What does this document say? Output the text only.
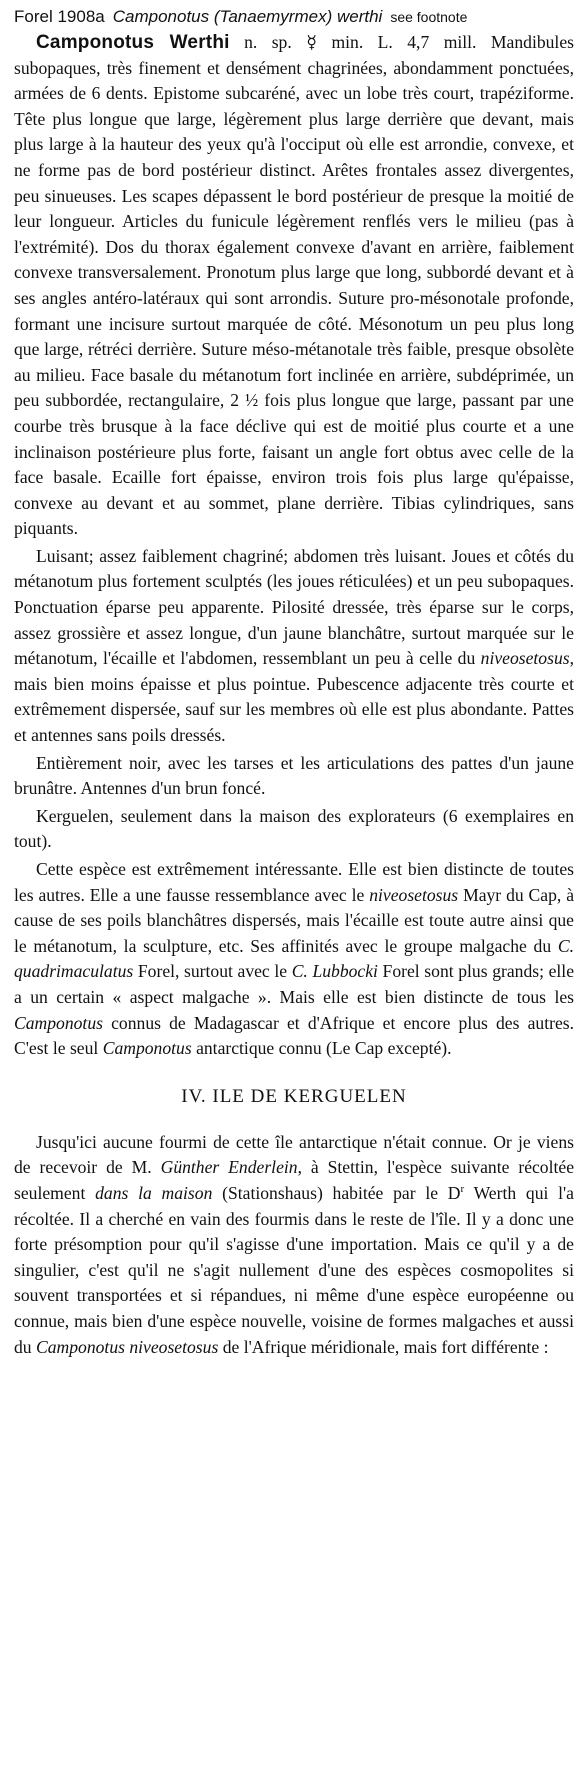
Forel 1908a Camponotus (Tanaemyrmex) werthi see footnote

Camponotus Werthi n. sp. ☿ min. L. 4,7 mill. Mandibules subopaques, très finement et densément chagrinées, abondamment ponctuées, armées de 6 dents. Epistome subcaréné, avec un lobe très court, trapéziforme. Tête plus longue que large, légèrement plus large derrière que devant, mais plus large à la hauteur des yeux qu'à l'occiput où elle est arrondie, convexe, et ne forme pas de bord postérieur distinct. Arêtes frontales assez divergentes, peu sinueuses. Les scapes dépassent le bord postérieur de presque la moitié de leur longueur. Articles du funicule légèrement renflés vers le milieu (pas à l'extrémité). Dos du thorax également convexe d'avant en arrière, faiblement convexe transversalement. Pronotum plus large que long, subbordé devant et à ses angles antéro-latéraux qui sont arrondis. Suture pro-mésonotale profonde, formant une incisure surtout marquée de côté. Mésonotum un peu plus long que large, rétréci derrière. Suture méso-métanotale très faible, presque obsolète au milieu. Face basale du métanotum fort inclinée en arrière, subdéprimée, un peu subbordée, rectangulaire, 2 ½ fois plus longue que large, passant par une courbe très brusque à la face déclive qui est de moitié plus courte et a une inclinaison postérieure plus forte, faisant un angle fort obtus avec celle de la face basale. Ecaille fort épaisse, environ trois fois plus large qu'épaisse, convexe au devant et au sommet, plane derrière. Tibias cylindriques, sans piquants.

Luisant; assez faiblement chagriné; abdomen très luisant. Joues et côtés du métanotum plus fortement sculptés (les joues réticulées) et un peu subopaques. Ponctuation éparse peu apparente. Pilosité dressée, très éparse sur le corps, assez grossière et assez longue, d'un jaune blanchâtre, surtout marquée sur le métanotum, l'écaille et l'abdomen, ressemblant un peu à celle du niveosetosus, mais bien moins épaisse et plus pointue. Pubescence adjacente très courte et extrêmement dispersée, sauf sur les membres où elle est plus abondante. Pattes et antennes sans poils dressés.

Entièrement noir, avec les tarses et les articulations des pattes d'un jaune brunâtre. Antennes d'un brun foncé.

Kerguelen, seulement dans la maison des explorateurs (6 exemplaires en tout).

Cette espèce est extrêmement intéressante. Elle est bien distincte de toutes les autres. Elle a une fausse ressemblance avec le niveosetosus Mayr du Cap, à cause de ses poils blanchâtres dispersés, mais l'écaille est toute autre ainsi que le métanotum, la sculpture, etc. Ses affinités avec le groupe malgache du C. quadrimaculatus Forel, surtout avec le C. Lubbocki Forel sont plus grands; elle a un certain « aspect malgache ». Mais elle est bien distincte de tous les Camponotus connus de Madagascar et d'Afrique et encore plus des autres. C'est le seul Camponotus antarctique connu (Le Cap excepté).

IV. ILE DE KERGUELEN

Jusqu'ici aucune fourmi de cette île antarctique n'était connue. Or je viens de recevoir de M. Günther Enderlein, à Stettin, l'espèce suivante récoltée seulement dans la maison (Stationshaus) habitée par le $D^r$ Werth qui l'a récoltée. Il a cherché en vain des fourmis dans le reste de l'île. Il y a donc une forte présomption pour qu'il s'agisse d'une importation. Mais ce qu'il y a de singulier, c'est qu'il ne s'agit nullement d'une des espèces cosmopolites si souvent transportées et si répandues, ni même d'une espèce européenne ou connue, mais bien d'une espèce nouvelle, voisine de formes malgaches et aussi du Camponotus niveosetosus de l'Afrique méridionale, mais fort différente :
